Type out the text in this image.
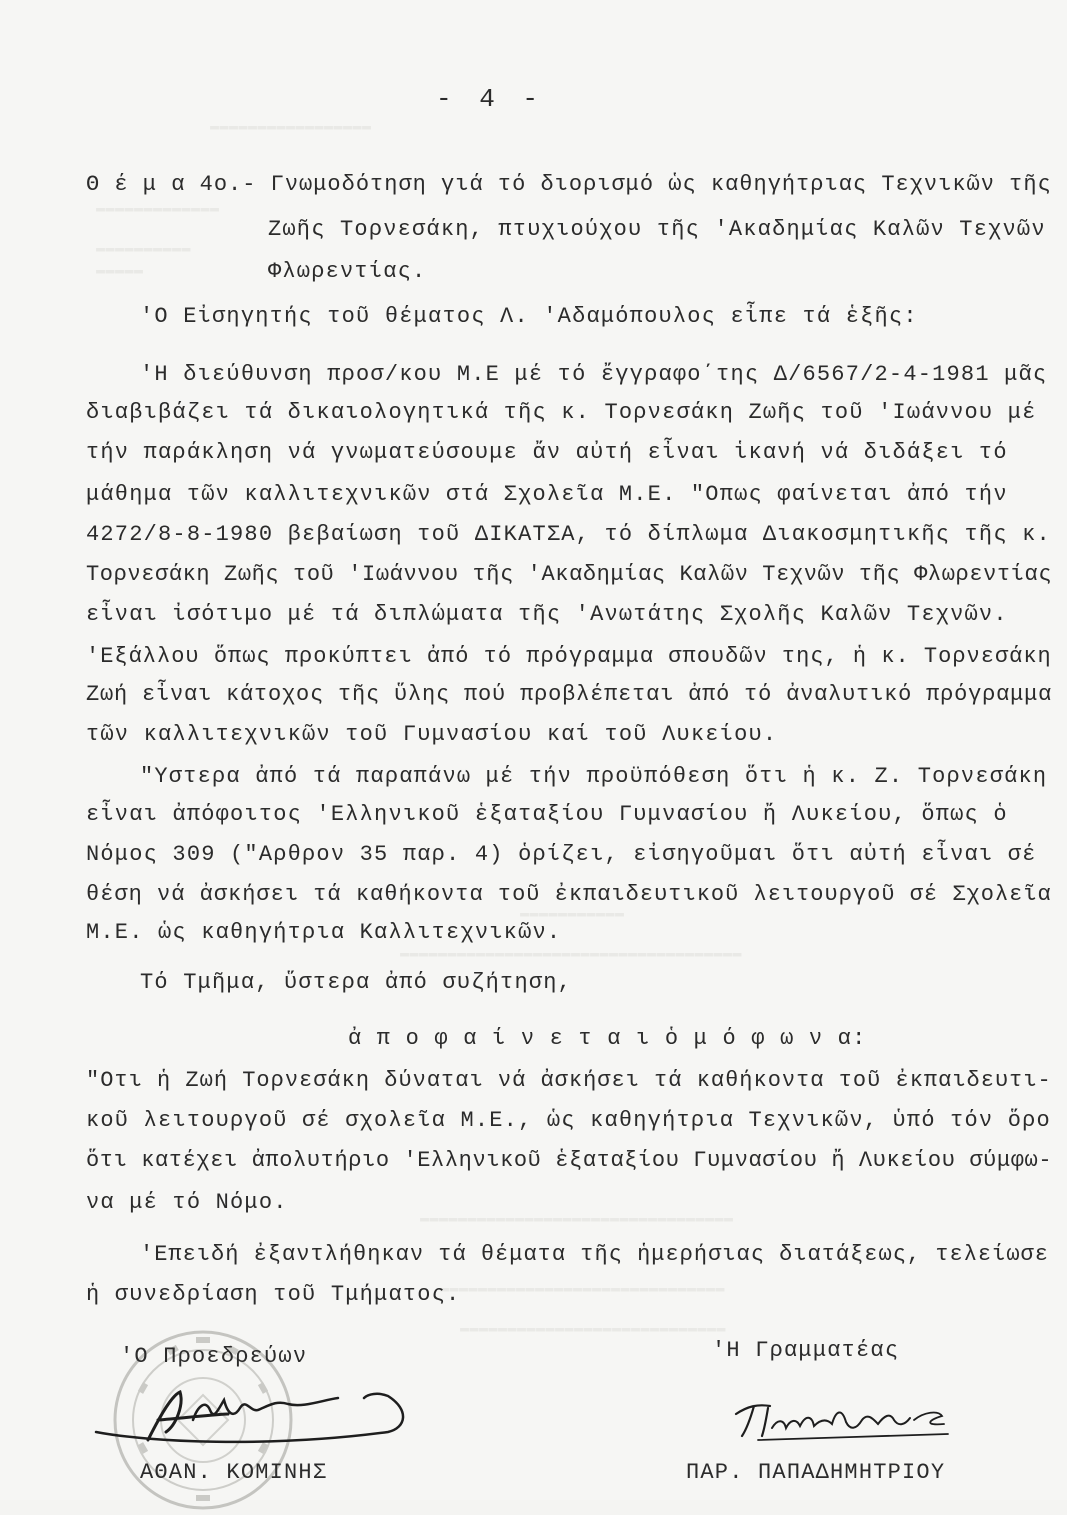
▬▬▬▬▬▬▬▬▬▬▬▬▬▬▬▬▬
▬▬▬▬▬▬▬▬▬▬▬▬▬
▬▬▬▬▬▬▬▬▬▬
▬▬▬▬▬
▬▬▬▬▬▬▬▬▬▬▬
▬▬▬▬▬▬▬▬▬▬▬▬▬▬▬▬▬▬▬▬▬▬▬▬▬▬▬▬▬▬▬▬▬▬▬▬
▬▬▬▬▬▬▬▬▬▬▬▬▬▬▬▬▬▬▬▬▬▬▬▬▬▬▬▬▬▬▬▬▬
▬▬▬▬▬▬▬▬▬▬▬▬▬▬▬▬▬▬▬▬▬▬▬▬▬▬▬▬▬▬
▬▬▬▬▬▬▬▬▬▬▬▬▬▬▬▬▬▬▬▬▬▬▬▬▬▬▬▬
- 4 -
Θ έ μ α 4ο.- Γνωμοδότηση γιά τό διορισμό ὡς καθηγήτριας Τεχνικῶν τῆς
Ζωῆς Τορνεσάκη, πτυχιούχου τῆς 'Ακαδημίας Καλῶν Τεχνῶν
Φλωρεντίας.
'Ο Εἰσηγητής τοῦ θέματος Λ. 'Αδαμόπουλος εἶπε τά ἑξῆς:
'Η διεύθυνση προσ/κου Μ.Ε μέ τό ἔγγραφο΄της Δ/6567/2-4-1981 μᾶς
διαβιβάζει τά δικαιολογητικά τῆς κ. Τορνεσάκη Ζωῆς τοῦ 'Ιωάννου μέ
τήν παράκληση νά γνωματεύσουμε ἄν αὐτή εἶναι ἱκανή νά διδάξει τό
μάθημα τῶν καλλιτεχνικῶν στά Σχολεῖα Μ.Ε. "Οπως φαίνεται ἀπό τήν
4272/8-8-1980 βεβαίωση τοῦ ΔΙΚΑΤΣΑ, τό δίπλωμα Διακοσμητικῆς τῆς κ.
Τορνεσάκη Ζωῆς τοῦ 'Ιωάννου τῆς 'Ακαδημίας Καλῶν Τεχνῶν τῆς Φλωρεντίας
εἶναι ἰσότιμο μέ τά διπλώματα τῆς 'Ανωτάτης Σχολῆς Καλῶν Τεχνῶν.
'Εξάλλου ὅπως προκύπτει ἀπό τό πρόγραμμα σπουδῶν της, ἡ κ. Τορνεσάκη
Ζωή εἶναι κάτοχος τῆς ὕλης πού προβλέπεται ἀπό τό ἀναλυτικό πρόγραμμα
τῶν καλλιτεχνικῶν τοῦ Γυμνασίου καί τοῦ Λυκείου.
"Υστερα ἀπό τά παραπάνω μέ τήν προϋπόθεση ὅτι ἡ κ. Ζ. Τορνεσάκη
εἶναι ἀπόφοιτος 'Ελληνικοῦ ἑξαταξίου Γυμνασίου ἤ Λυκείου, ὅπως ὁ
Νόμος 309 ("Αρθρον 35 παρ. 4) ὁρίζει, εἰσηγοῦμαι ὅτι αὐτή εἶναι σέ
θέση νά ἀσκήσει τά καθήκοντα τοῦ ἐκπαιδευτικοῦ λειτουργοῦ σέ Σχολεῖα
Μ.Ε. ὡς καθηγήτρια Καλλιτεχνικῶν.
Τό Τμῆμα, ὕστερα ἀπό συζήτηση,
ἀ π ο φ α ί ν ε τ α ι ὁ μ ό φ ω ν α:
"Οτι ἡ Ζωή Τορνεσάκη δύναται νά ἀσκήσει τά καθήκοντα τοῦ ἐκπαιδευτι-
κοῦ λειτουργοῦ σέ σχολεῖα Μ.Ε., ὡς καθηγήτρια Τεχνικῶν, ὑπό τόν ὅρο
ὅτι κατέχει ἀπολυτήριο 'Ελληνικοῦ ἑξαταξίου Γυμνασίου ἤ Λυκείου σύμφω-
να μέ τό Νόμο.
'Επειδή ἐξαντλήθηκαν τά θέματα τῆς ἡμερήσιας διατάξεως, τελείωσε
ἡ συνεδρίαση τοῦ Τμήματος.
'Ο Προεδρεύων	'Η Γραμματέας
ΑΘΑΝ. ΚΟΜΙΝΗΣ	ΠΑΡ. ΠΑΠΑΔΗΜΗΤΡΙΟΥ
